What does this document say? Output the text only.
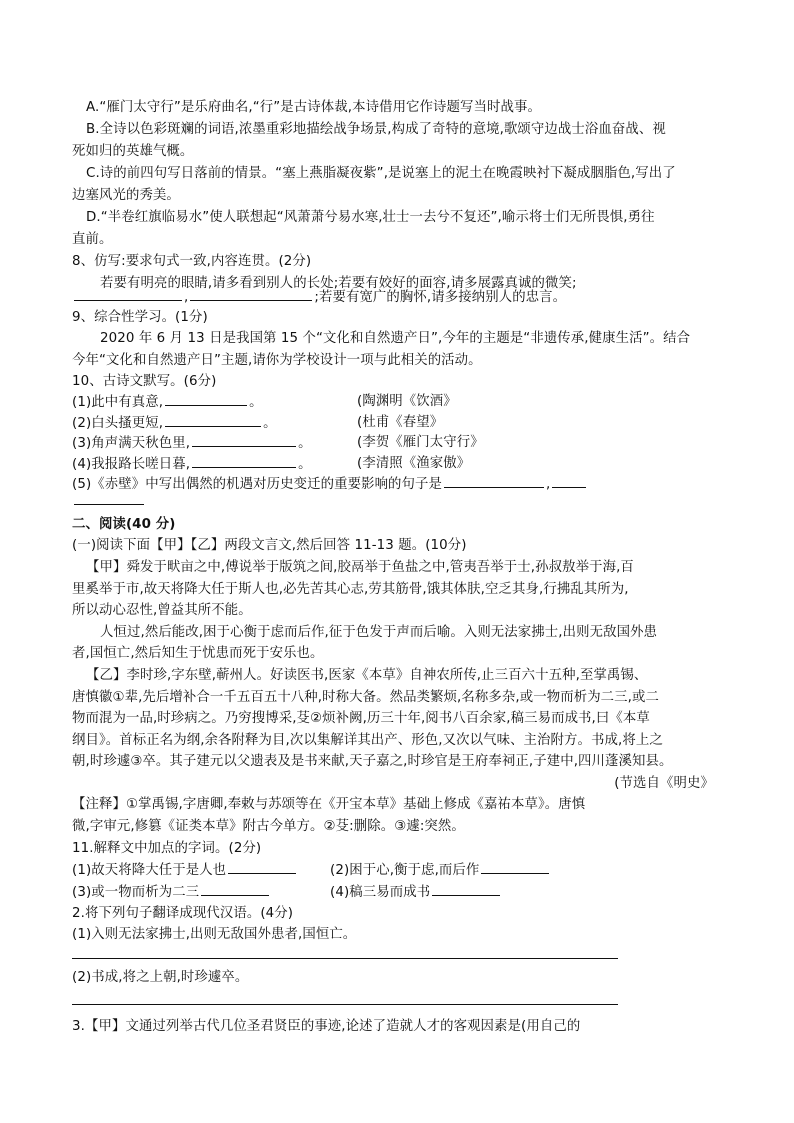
A.“雁门太守行”是乐府曲名,“行”是古诗体裁,本诗借用它作诗题写当时战事。
B.全诗以色彩斑斓的词语,浓墨重彩地描绘战争场景,构成了奇特的意境,歌颂守边战士浴血奋战、视
死如归的英雄气概。
C.诗的前四句写日落前的情景。“塞上燕脂凝夜紫”,是说塞上的泥土在晚霞映衬下凝成胭脂色,写出了
边塞风光的秀美。
D.“半卷红旗临易水”使人联想起“风萧萧兮易水寒,壮士一去兮不复还”,喻示将士们无所畏惧,勇往
直前。
8、仿写:要求句式一致,内容连贯。(2分)
若要有明亮的眼睛,请多看到别人的长处;若要有姣好的面容,请多展露真诚的微笑;
,	;若要有宽广的胸怀,请多接纳别人的忠言。
9、综合性学习。(1分)
2020 年 6 月 13 日是我国第 15 个“文化和自然遗产日”,今年的主题是“非遗传承,健康生活”。结合
今年“文化和自然遗产日”主题,请你为学校设计一项与此相关的活动。
10、古诗文默写。(6分)
(1)此中有真意,	。	(陶渊明《饮酒》
(2)白头搔更短,	。	(杜甫《春望》
(3)角声满天秋色里,	。	(李贺《雁门太守行》
(4)我报路长嗟日暮,	。	(李清照《渔家傲》
(5)《赤壁》中写出偶然的机遇对历史变迁的重要影响的句子是	,
二、阅读(40 分)
(一)阅读下面【甲】【乙】两段文言文,然后回答 11-13 题。(10分)
【甲】舜发于畎亩之中,傅说举于版筑之间,胶鬲举于鱼盐之中,管夷吾举于士,孙叔敖举于海,百
里奚举于市,故天将降大任于斯人也,必先苦其心志,劳其筋骨,饿其体肤,空乏其身,行拂乱其所为,
所以动心忍性,曾益其所不能。
人恒过,然后能改,困于心衡于虑而后作,征于色发于声而后喻。入则无法家拂士,出则无敌国外患
者,国恒亡,然后知生于忧患而死于安乐也。
【乙】李时珍,字东壁,蕲州人。好读医书,医家《本草》自神农所传,止三百六十五种,至掌禹锡、
唐慎徽①辈,先后增补合一千五百五十八种,时称大备。然品类繁烦,名称多杂,或一物而析为二三,或二
物而混为一品,时珍病之。乃穷搜博采,芟②烦补阙,历三十年,阅书八百余家,稿三易而成书,曰《本草
纲目》。首标正名为纲,余各附释为目,次以集解详其出产、形色,又次以气味、主治附方。书成,将上之
朝,时珍遽③卒。其子建元以父遗表及是书来献,天子嘉之,时珍官是王府奉祠正,子建中,四川蓬溪知县。
(节选自《明史》
【注释】①掌禹锡,字唐卿,奉敕与苏颂等在《开宝本草》基础上修成《嘉祐本草》。唐慎
微,字审元,修篡《证类本草》附古今单方。②芟:删除。③遽:突然。
11.解释文中加点的字词。(2分)
(1)故天将降大任于是人也	(2)困于心,衡于虑,而后作
(3)或一物而析为二三	(4)稿三易而成书
2.将下列句子翻译成现代汉语。(4分)
(1)入则无法家拂士,出则无敌国外患者,国恒亡。
(2)书成,将之上朝,时珍遽卒。
3.【甲】文通过列举古代几位圣君贤臣的事迹,论述了造就人才的客观因素是(用自己的
